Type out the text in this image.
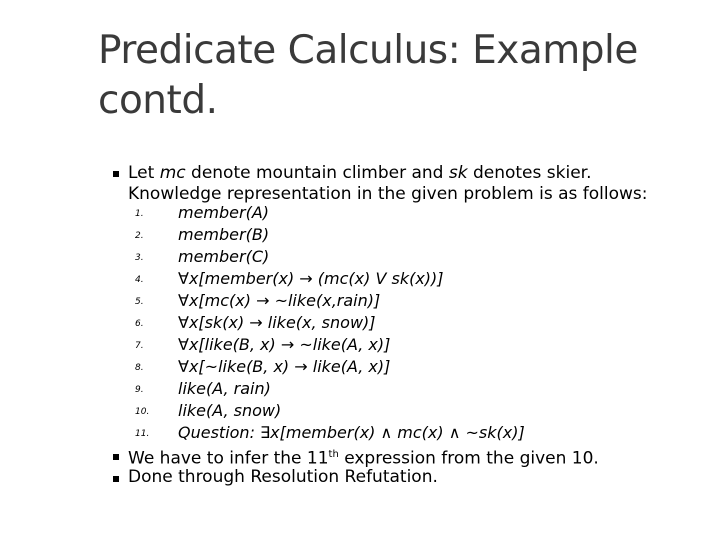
Predicate Calculus: Example
contd.
Let mc denote mountain climber and sk denotes skier.
Knowledge representation in the given problem is as follows:
1. member(A)
2. member(B)
3. member(C)
4. ∀x[member(x) → (mc(x) V sk(x))]
5. ∀x[mc(x) → ~like(x,rain)]
6. ∀x[sk(x) → like(x, snow)]
7. ∀x[like(B, x) → ~like(A, x)]
8. ∀x[~like(B, x) → like(A, x)]
9. like(A, rain)
10. like(A, snow)
11. Question: ∃x[member(x) ∧ mc(x) ∧ ~sk(x)]
We have to infer the 11th expression from the given 10.
Done through Resolution Refutation.
